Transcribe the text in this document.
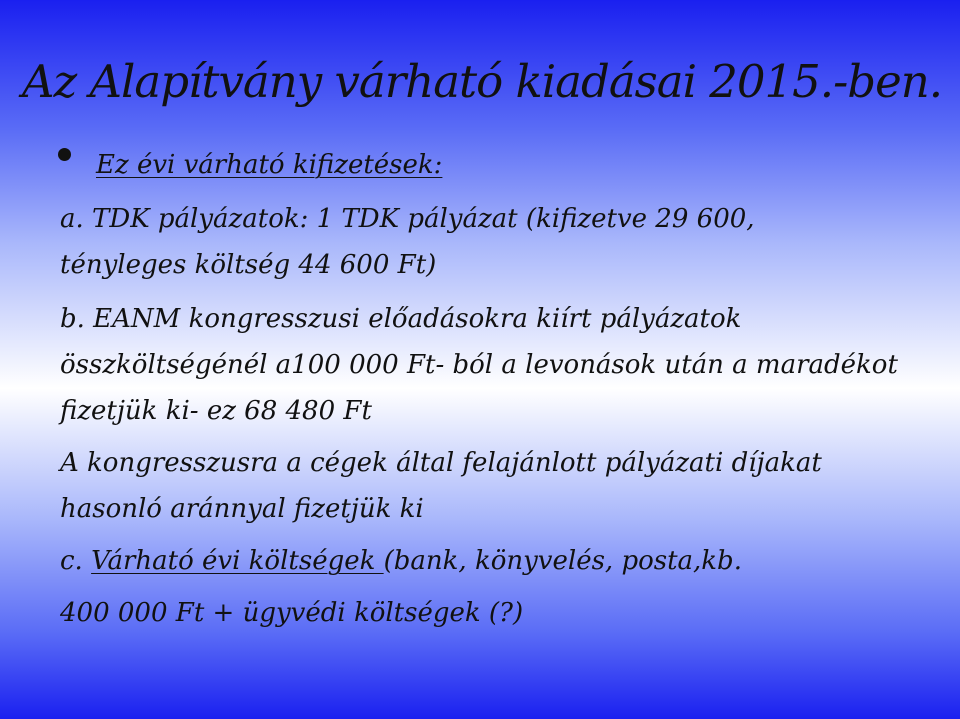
Az Alapítvány várható kiadásai 2015.-ben.

Ez évi várható kifizetések:

a. TDK pályázatok: 1 TDK pályázat (kifizetve 29 600,

tényleges költség 44 600 Ft)

b. EANM kongresszusi előadásokra kiírt pályázatok

összköltségénél a100 000 Ft- ból a levonások után a maradékot

fizetjük ki- ez 68 480 Ft

A kongresszusra a cégek által felajánlott pályázati díjakat

hasonló aránnyal fizetjük ki

c. Várható évi költségek (bank, könyvelés, posta,kb.

400 000 Ft + ügyvédi költségek (?)
